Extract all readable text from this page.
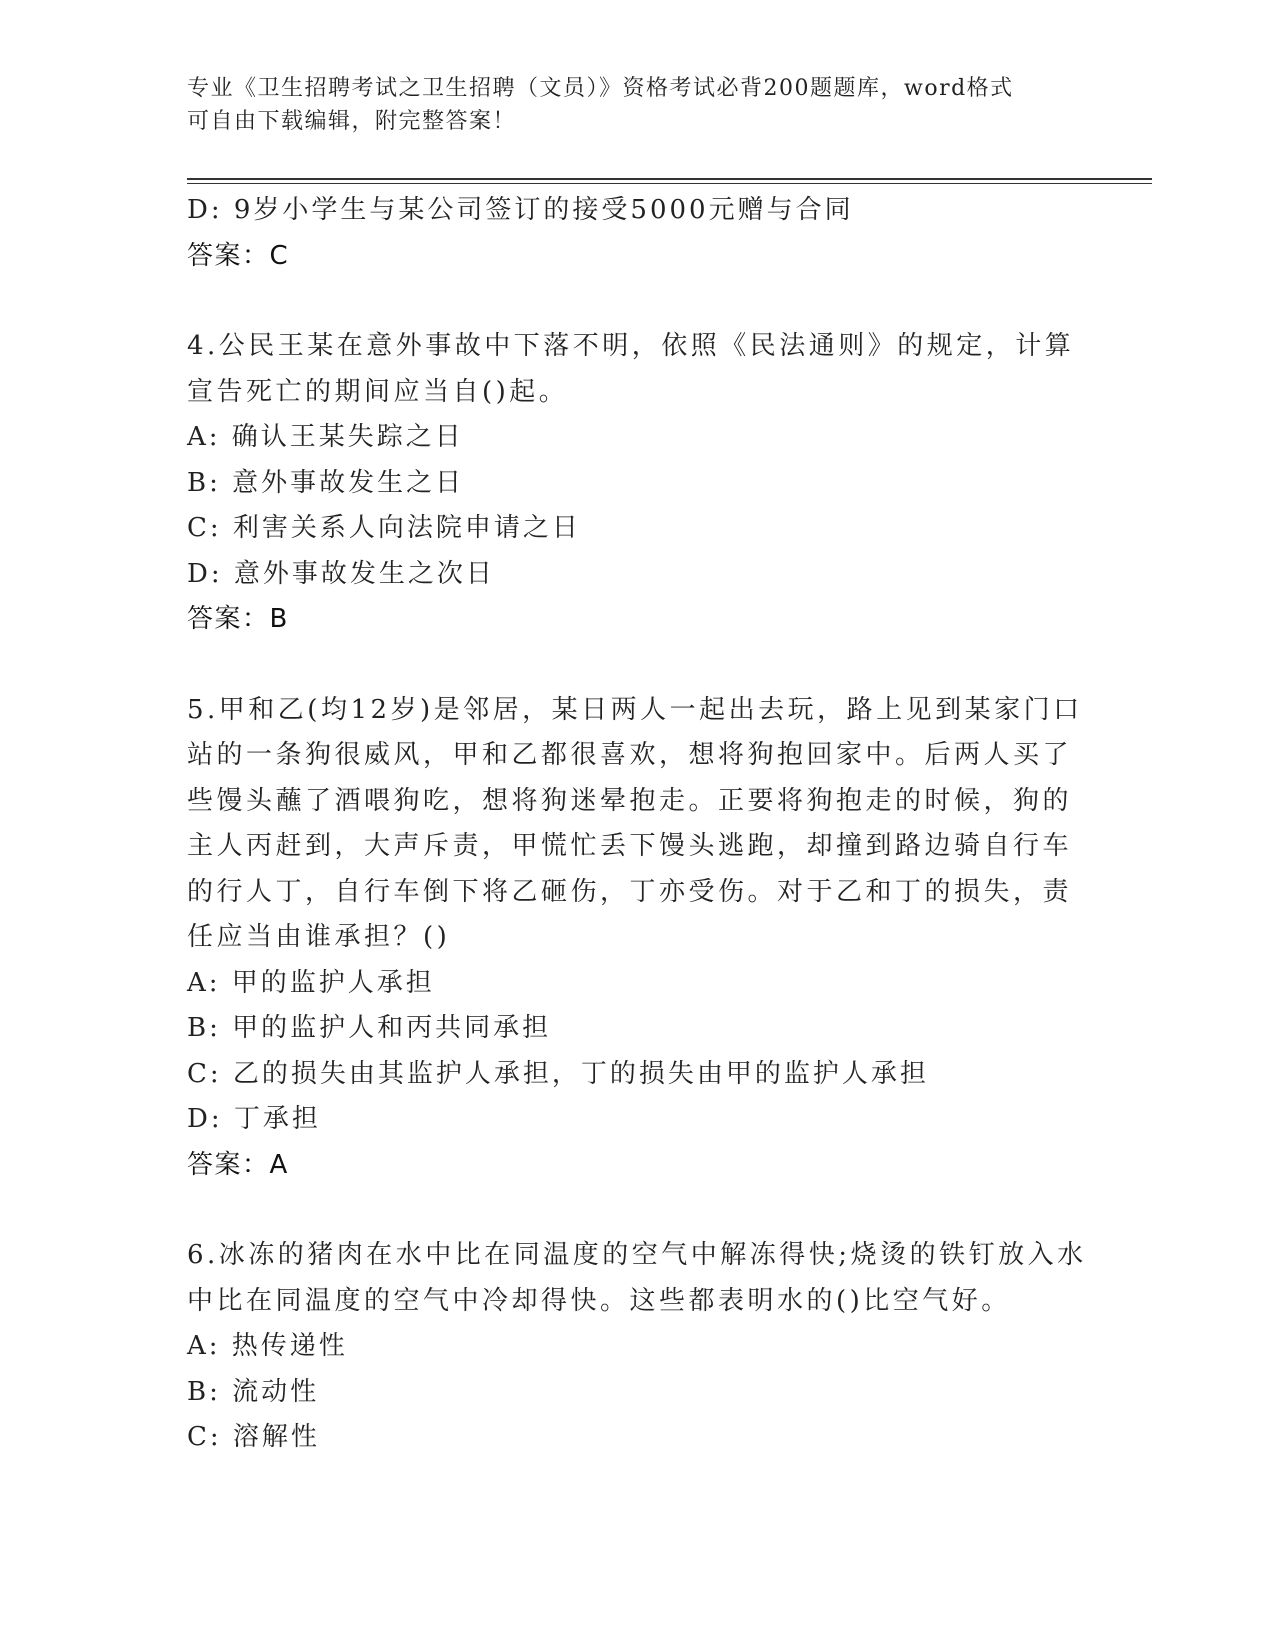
专业《卫生招聘考试之卫生招聘（文员）》资格考试必背200题题库，word格式
可自由下载编辑，附完整答案！
D: 9岁小学生与某公司签订的接受5000元赠与合同
答案：C
4.公民王某在意外事故中下落不明，依照《民法通则》的规定，计算
宣告死亡的期间应当自()起。
A: 确认王某失踪之日
B: 意外事故发生之日
C: 利害关系人向法院申请之日
D: 意外事故发生之次日
答案：B
5.甲和乙(均12岁)是邻居，某日两人一起出去玩，路上见到某家门口
站的一条狗很威风，甲和乙都很喜欢，想将狗抱回家中。后两人买了
些馒头蘸了酒喂狗吃，想将狗迷晕抱走。正要将狗抱走的时候，狗的
主人丙赶到，大声斥责，甲慌忙丢下馒头逃跑，却撞到路边骑自行车
的行人丁，自行车倒下将乙砸伤，丁亦受伤。对于乙和丁的损失，责
任应当由谁承担？()
A: 甲的监护人承担
B: 甲的监护人和丙共同承担
C: 乙的损失由其监护人承担，丁的损失由甲的监护人承担
D: 丁承担
答案：A
6.冰冻的猪肉在水中比在同温度的空气中解冻得快;烧烫的铁钉放入水
中比在同温度的空气中冷却得快。这些都表明水的()比空气好。
A: 热传递性
B: 流动性
C: 溶解性
